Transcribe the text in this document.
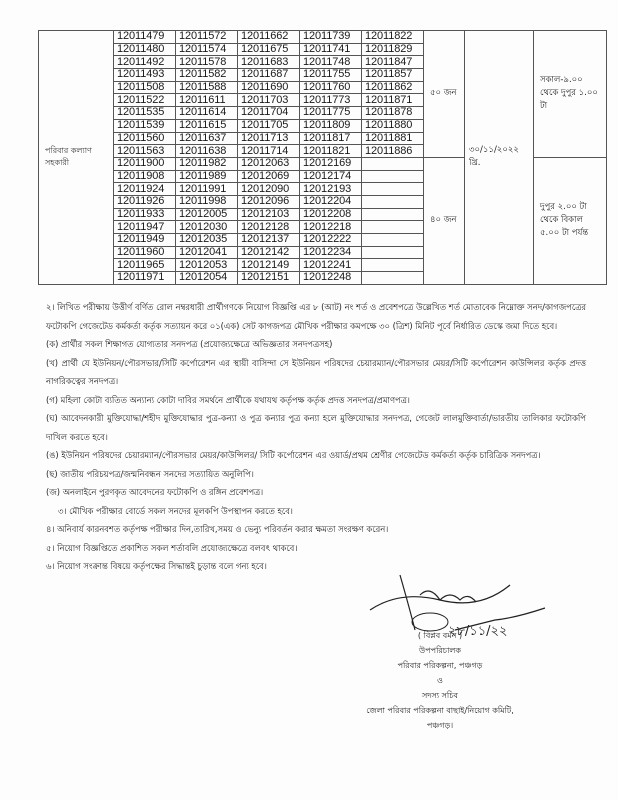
পরিবার কল্যাণ সহকারী	12011479	12011572	12011662	12011739	12011822	৫০ জন	৩০/১১/২০২২ খ্রি.	সকাল-৯.০০ থেকে দুপুর ১.০০ টা
	12011480	12011574	12011675	12011741	12011829			
	12011492	12011578	12011683	12011748	12011847			
	12011493	12011582	12011687	12011755	12011857			
	12011508	12011588	12011690	12011760	12011862			
	12011522	12011611	12011703	12011773	12011871			
	12011535	12011614	12011704	12011775	12011878			
	12011539	12011615	12011705	12011809	12011880			
	12011560	12011637	12011713	12011817	12011881			
	12011563	12011638	12011714	12011821	12011886			
	12011900	12011982	12012063	12012169		৪০ জন		দুপুর ২.০০ টা থেকে বিকাল ৫.০০ টা পর্যন্ত
	12011908	12011989	12012069	12012174				
	12011924	12011991	12012090	12012193				
	12011926	12011998	12012096	12012204				
	12011933	12012005	12012103	12012208				
	12011947	12012030	12012128	12012218				
	12011949	12012035	12012137	12012222				
	12011960	12012041	12012142	12012234				
	12011965	12012053	12012149	12012241				
	12011971	12012054	12012151	12012248				

২। লিখিত পরীক্ষায় উত্তীর্ণ বর্ণিত রোল নম্বরধারী প্রার্থীগণকে নিয়োগ বিজ্ঞপ্তি এর ৮ (আট) নং শর্ত ও প্রবেশপত্রে উল্লেখিত শর্ত মোতাবেক নিম্নোক্ত সনদ/কাগজপত্রের ফটোকপি গেজেটেড কর্মকর্তা কর্তৃক সত্যায়ন করে ০১(এক) সেট কাগজপত্র মৌখিক পরীক্ষার কমপক্ষে ৩০ (ত্রিশ) মিনিট পূর্বে নির্ধারিত ডেস্কে জমা দিতে হবে।

(ক) প্রার্থীর সকল শিক্ষাগত যোগ্যতার সনদপত্র (প্রযোজ্যক্ষেত্রে অভিজ্ঞতার সনদপত্রসহ)

(খ) প্রার্থী যে ইউনিয়ন/পৌরসভার/সিটি কর্পোরেশন এর স্থায়ী বাসিন্দা সে ইউনিয়ন পরিষদের চেয়ারম্যান/পৌরসভার মেয়র/সিটি কর্পোরেশন কাউন্সিলর কর্তৃক প্রদত্ত নাগরিকত্বের সনদপত্র।

(গ) মহিলা কোটা ব্যতিত অন্যান্য কোটা দাবির সমর্থনে প্রার্থীকে যথাযথ কর্তৃপক্ষ কর্তৃক প্রদত্ত সনদপত্র/প্রমাণপত্র।

(ঘ) আবেদনকারী মুক্তিযোদ্ধা/শহীদ মুক্তিযোদ্ধার পুত্র-কন্যা ও পুত্র কন্যার পুত্র কন্যা হলে মুক্তিযোদ্ধার সনদপত্র, গেজেট লালমুক্তিবার্তা/ভারতীয় তালিকার ফটোকপি দাখিল করতে হবে।

(ঙ) ইউনিয়ন পরিষদের চেয়ারম্যান/পৌরসভার মেয়র/কাউন্সিলর/ সিটি কর্পোরেশন এর ওয়ার্ড/প্রথম শ্রেণীর গেজেটেড কর্মকর্তা কর্তৃক চারিত্রিক সনদপত্র।

(ছ) জাতীয় পরিচয়পত্র/জন্মনিবন্ধন সনদের সত্যায়িত অনুলিপি।

(জ) অনলাইনে পুরণকৃত আবেদনের ফটোকপি ও রঙ্গিন প্রবেশপত্র।

৩। মৌখিক পরীক্ষার বোর্ডে সকল সনদের মূলকপি উপস্থাপন করতে হবে।

৪। অনিবার্য কারনবশত কর্তৃপক্ষ পরীক্ষার দিন,তারিখ,সময় ও ভেন্যু পরিবর্তন করার ক্ষমতা সংরক্ষণ করেন।

৫। নিয়োগ বিজ্ঞপ্তিতে প্রকাশিত সকল শর্তাবলি প্রযোজ্যক্ষেত্রে বলবৎ থাকবে।

৬। নিয়োগ সংক্রান্ত বিষয়ে কর্তৃপক্ষের সিদ্ধান্তই চুড়ান্ত বলে গন্য হবে।

২৮/১১/২২
( বিপ্লব বর্মন )
উপপরিচালক
পরিবার পরিকল্পনা, পঞ্চগড়
ও
সদস্য সচিব
জেলা পরিবার পরিকল্পনা বাছাই/নিয়োগ কমিটি,
পঞ্চগড়।
